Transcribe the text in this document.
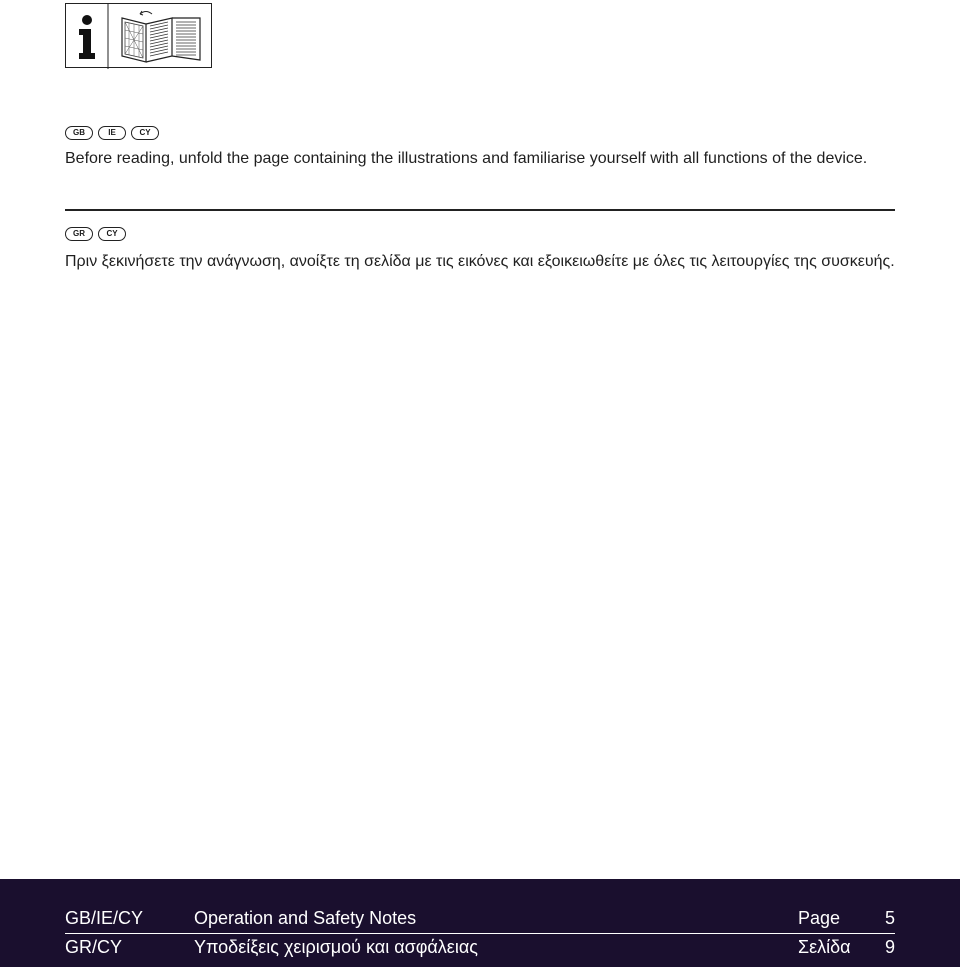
GB	IE	CY

Before reading, unfold the page containing the illustrations and familiarise yourself with all functions of the device.

GR	CY

Πριν ξεκινήσετε την ανάγνωση, ανοίξτε τη σελίδα με τις εικόνες και εξοικειωθείτε με όλες τις λειτουργίες της συσκευής.

GB/IE/CY	Operation and Safety Notes	Page 5
GR/CY	Υποδείξεις χειρισμού και ασφάλειας	Σελίδα 9
